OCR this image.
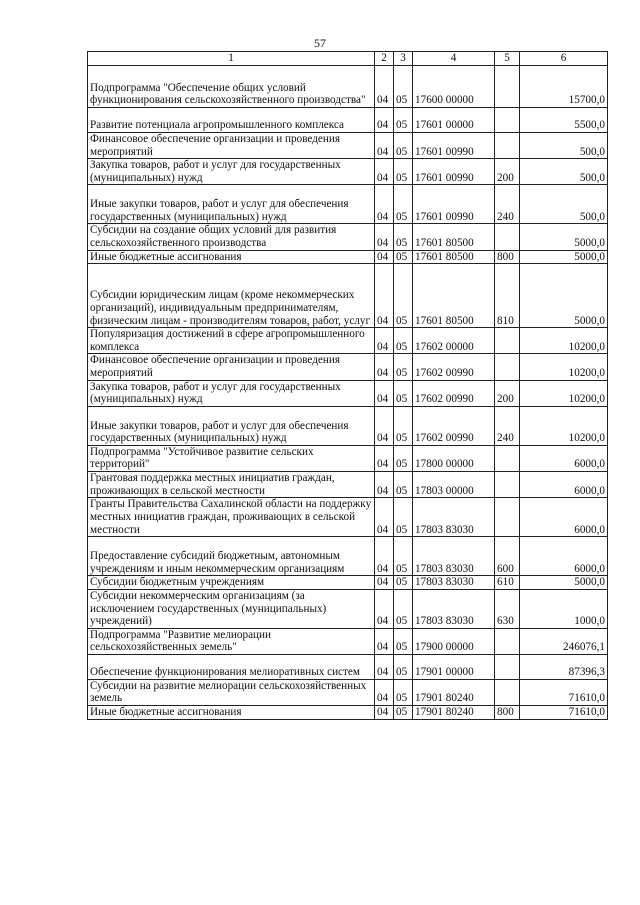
57
1	2	3	4	5	6
Подпрограмма "Обеспечение общих условий функционирования сельскохозяйственного производства"	04	05	17600 00000		15700,0
Развитие потенциала агропромышленного комплекса	04	05	17601 00000		5500,0
Финансовое обеспечение организации и проведения мероприятий	04	05	17601 00990		500,0
Закупка товаров, работ и услуг для государственных (муниципальных) нужд	04	05	17601 00990	200	500,0
Иные закупки товаров, работ и услуг для обеспечения государственных (муниципальных) нужд	04	05	17601 00990	240	500,0
Субсидии на создание общих условий для развития сельскохозяйственного производства	04	05	17601 80500		5000,0
Иные бюджетные ассигнования	04	05	17601 80500	800	5000,0
Субсидии юридическим лицам (кроме некоммерческих организаций), индивидуальным предпринимателям, физическим лицам - производителям товаров, работ, услуг	04	05	17601 80500	810	5000,0
Популяризация достижений в сфере агропромышленного комплекса	04	05	17602 00000		10200,0
Финансовое обеспечение организации и проведения мероприятий	04	05	17602 00990		10200,0
Закупка товаров, работ и услуг для государственных (муниципальных) нужд	04	05	17602 00990	200	10200,0
Иные закупки товаров, работ и услуг для обеспечения государственных (муниципальных) нужд	04	05	17602 00990	240	10200,0
Подпрограмма "Устойчивое развитие сельских территорий"	04	05	17800 00000		6000,0
Грантовая поддержка местных инициатив граждан, проживающих в сельской местности	04	05	17803 00000		6000,0
Гранты Правительства Сахалинской области на поддержку местных инициатив граждан, проживающих в сельской местности	04	05	17803 83030		6000,0
Предоставление субсидий бюджетным, автономным учреждениям и иным некоммерческим организациям	04	05	17803 83030	600	6000,0
Субсидии бюджетным учреждениям	04	05	17803 83030	610	5000,0
Субсидии некоммерческим организациям (за исключением государственных (муниципальных) учреждений)	04	05	17803 83030	630	1000,0
Подпрограмма "Развитие мелиорации сельскохозяйственных земель"	04	05	17900 00000		246076,1
Обеспечение функционирования мелиоративных систем	04	05	17901 00000		87396,3
Субсидии на развитие мелиорации сельскохозяйственных земель	04	05	17901 80240		71610,0
Иные бюджетные ассигнования	04	05	17901 80240	800	71610,0
